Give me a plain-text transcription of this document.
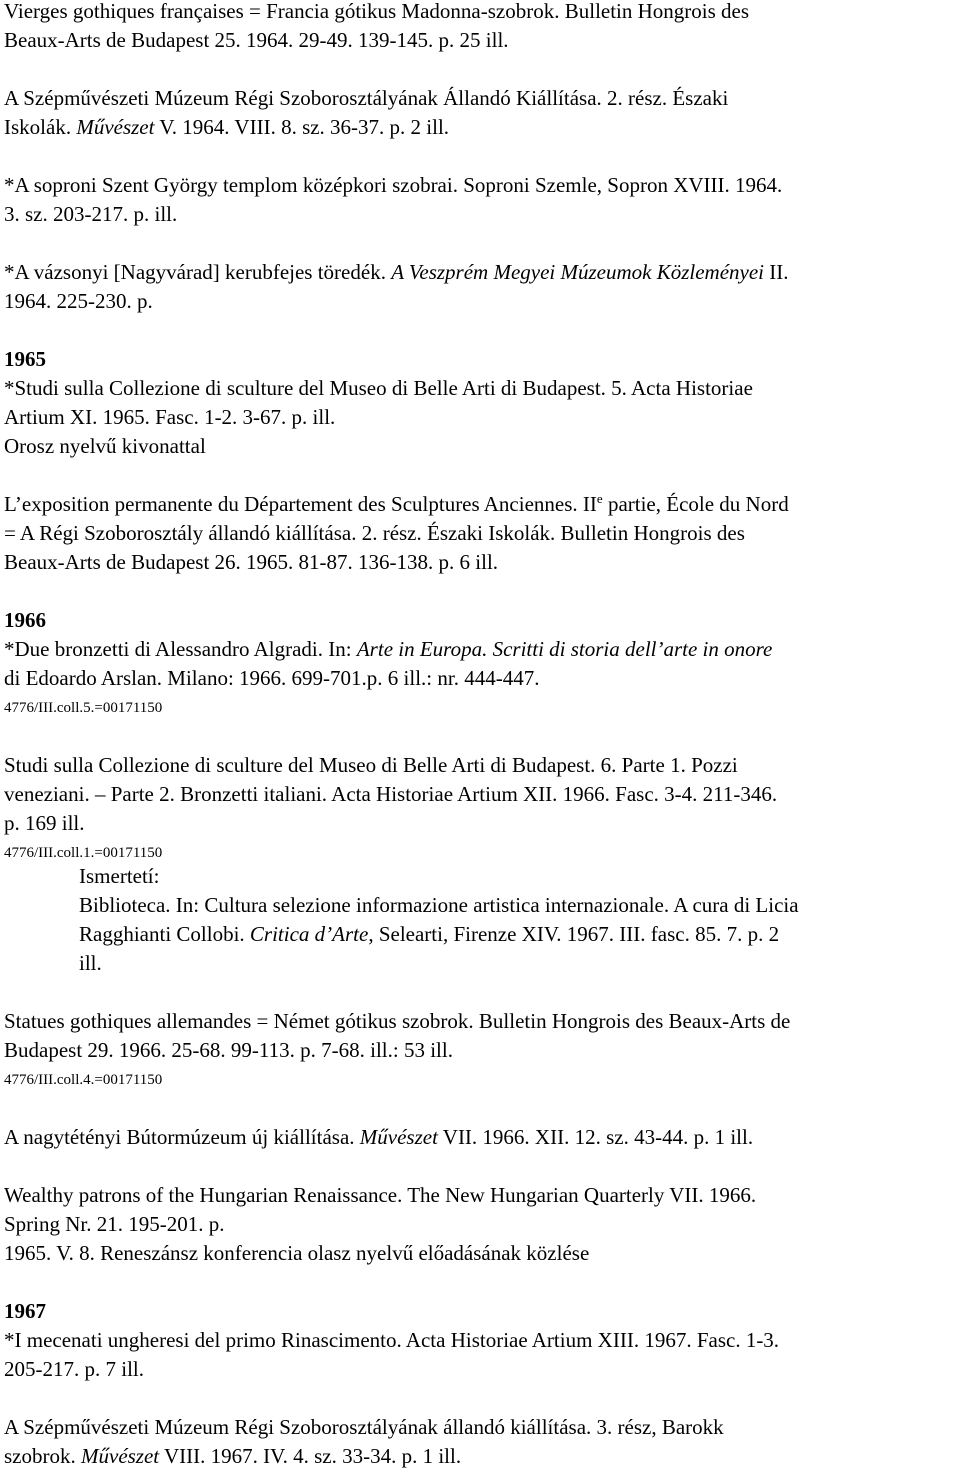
Vierges gothiques françaises = Francia gótikus Madonna-szobrok. Bulletin Hongrois des
Beaux-Arts de Budapest 25. 1964. 29-49. 139-145. p. 25 ill.
A Szépművészeti Múzeum Régi Szoborosztályának Állandó Kiállítása. 2. rész. Északi
Iskolák. Művészet V. 1964. VIII. 8. sz. 36-37. p. 2 ill.
*A soproni Szent György templom középkori szobrai. Soproni Szemle, Sopron XVIII. 1964.
3. sz. 203-217. p. ill.
*A vázsonyi [Nagyvárad] kerubfejes töredék. A Veszprém Megyei Múzeumok Közleményei II.
1964. 225-230. p.
1965
*Studi sulla Collezione di sculture del Museo di Belle Arti di Budapest. 5. Acta Historiae
Artium XI. 1965. Fasc. 1-2. 3-67. p. ill.
Orosz nyelvű kivonattal
L’exposition permanente du Département des Sculptures Anciennes. IIe partie, École du Nord
= A Régi Szoborosztály állandó kiállítása. 2. rész. Északi Iskolák. Bulletin Hongrois des
Beaux-Arts de Budapest 26. 1965. 81-87. 136-138. p. 6 ill.
1966
*Due bronzetti di Alessandro Algradi. In: Arte in Europa. Scritti di storia dell’arte in onore
di Edoardo Arslan. Milano: 1966. 699-701.p. 6 ill.: nr. 444-447.
4776/III.coll.5.=00171150
Studi sulla Collezione di sculture del Museo di Belle Arti di Budapest. 6. Parte 1. Pozzi
veneziani. – Parte 2. Bronzetti italiani. Acta Historiae Artium XII. 1966. Fasc. 3-4. 211-346.
p. 169 ill.
4776/III.coll.1.=00171150
Ismertetí:
Biblioteca. In: Cultura selezione informazione artistica internazionale. A cura di Licia
Ragghianti Collobi. Critica d’Arte, Selearti, Firenze XIV. 1967. III. fasc. 85. 7. p. 2
ill.
Statues gothiques allemandes = Német gótikus szobrok. Bulletin Hongrois des Beaux-Arts de
Budapest 29. 1966. 25-68. 99-113. p. 7-68. ill.: 53 ill.
4776/III.coll.4.=00171150
A nagytétényi Bútormúzeum új kiállítása. Művészet VII. 1966. XII. 12. sz. 43-44. p. 1 ill.
Wealthy patrons of the Hungarian Renaissance. The New Hungarian Quarterly VII. 1966.
Spring Nr. 21. 195-201. p.
1965. V. 8. Reneszánsz konferencia olasz nyelvű előadásának közlése
1967
*I mecenati ungheresi del primo Rinascimento. Acta Historiae Artium XIII. 1967. Fasc. 1-3.
205-217. p. 7 ill.
A Szépművészeti Múzeum Régi Szoborosztályának állandó kiállítása. 3. rész, Barokk
szobrok. Művészet VIII. 1967. IV. 4. sz. 33-34. p. 1 ill.
